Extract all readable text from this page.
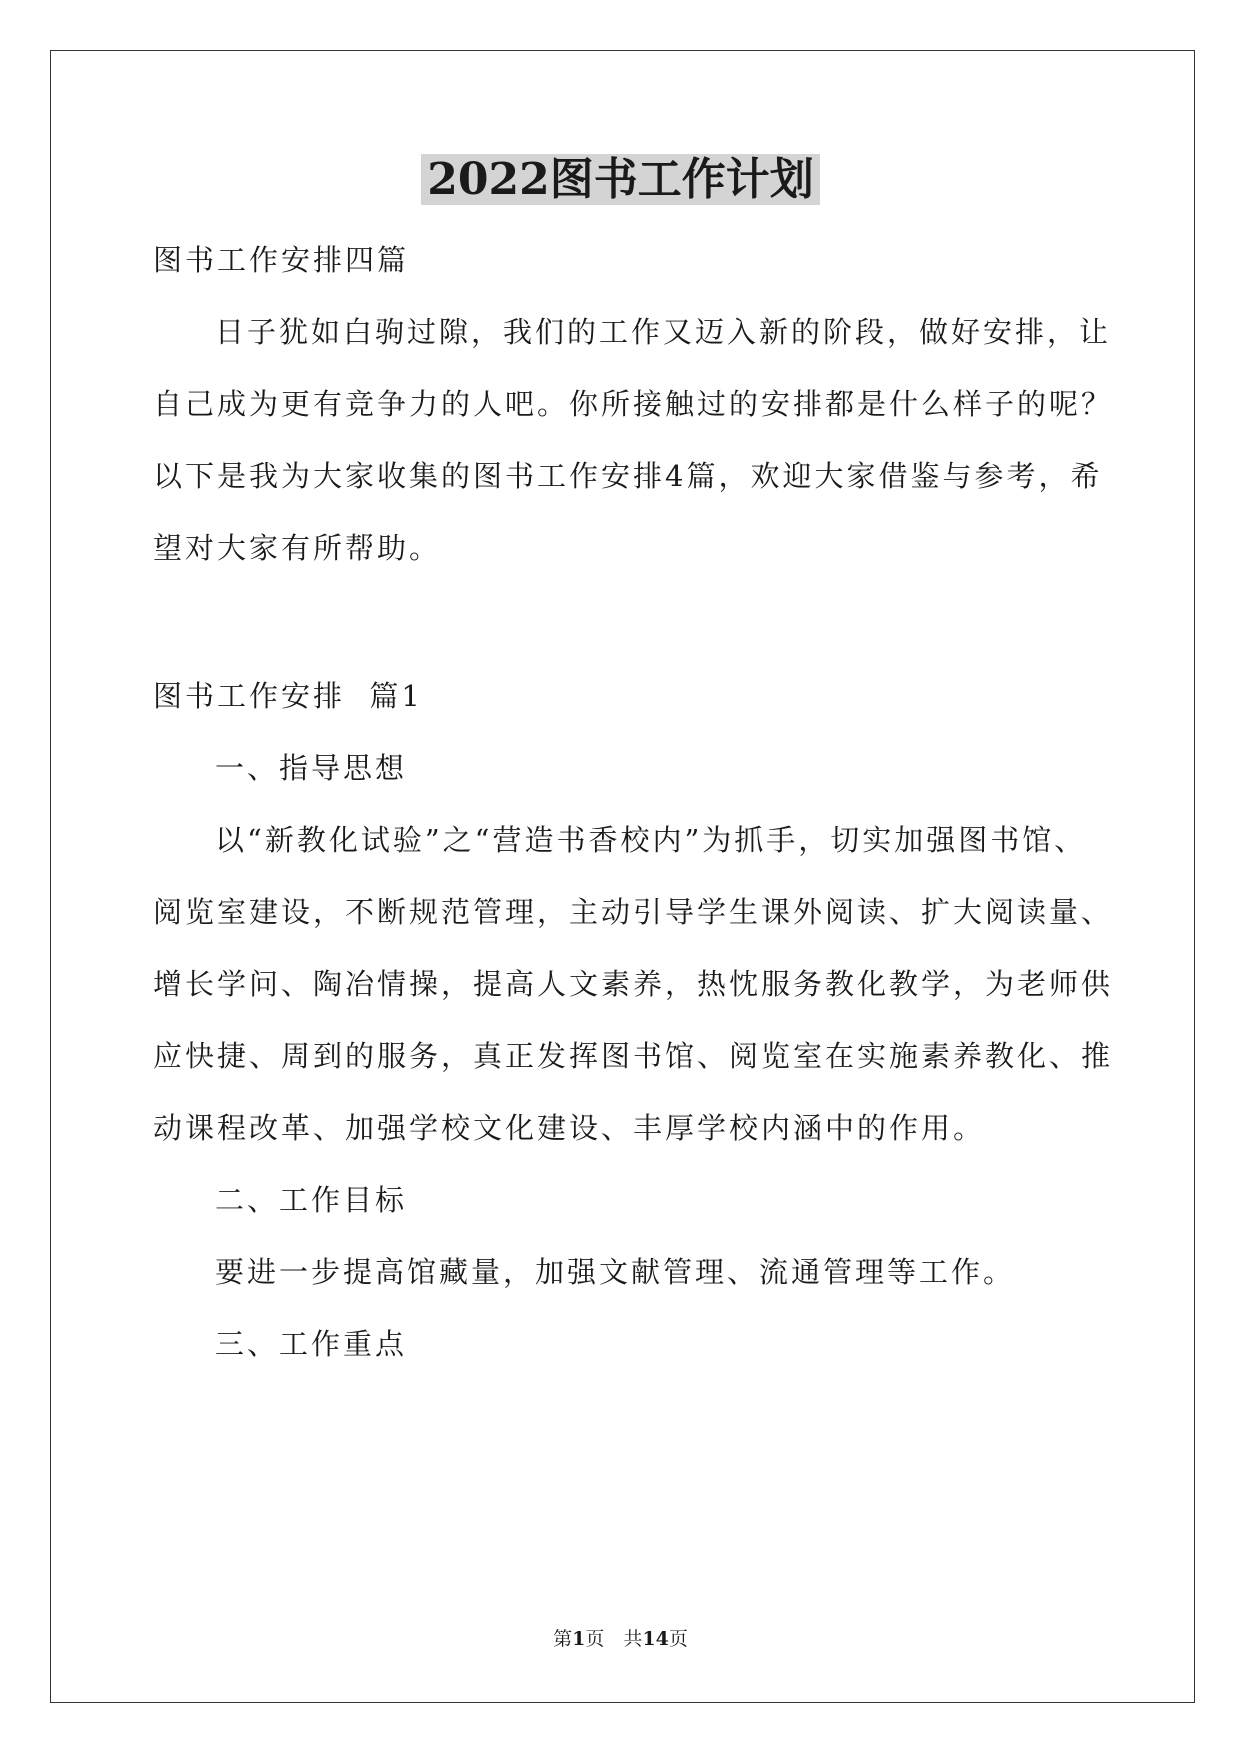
2022图书工作计划
图书工作安排四篇
日子犹如白驹过隙，我们的工作又迈入新的阶段，做好安排，让
自己成为更有竞争力的人吧。你所接触过的安排都是什么样子的呢？
以下是我为大家收集的图书工作安排4篇，欢迎大家借鉴与参考，希
望对大家有所帮助。
图书工作安排  篇1
一、指导思想
以“新教化试验”之“营造书香校内”为抓手，切实加强图书馆、
阅览室建设，不断规范管理，主动引导学生课外阅读、扩大阅读量、
增长学问、陶冶情操，提高人文素养，热忱服务教化教学，为老师供
应快捷、周到的服务，真正发挥图书馆、阅览室在实施素养教化、推
动课程改革、加强学校文化建设、丰厚学校内涵中的作用。
二、工作目标
要进一步提高馆藏量，加强文献管理、流通管理等工作。
三、工作重点
第1页　共14页
